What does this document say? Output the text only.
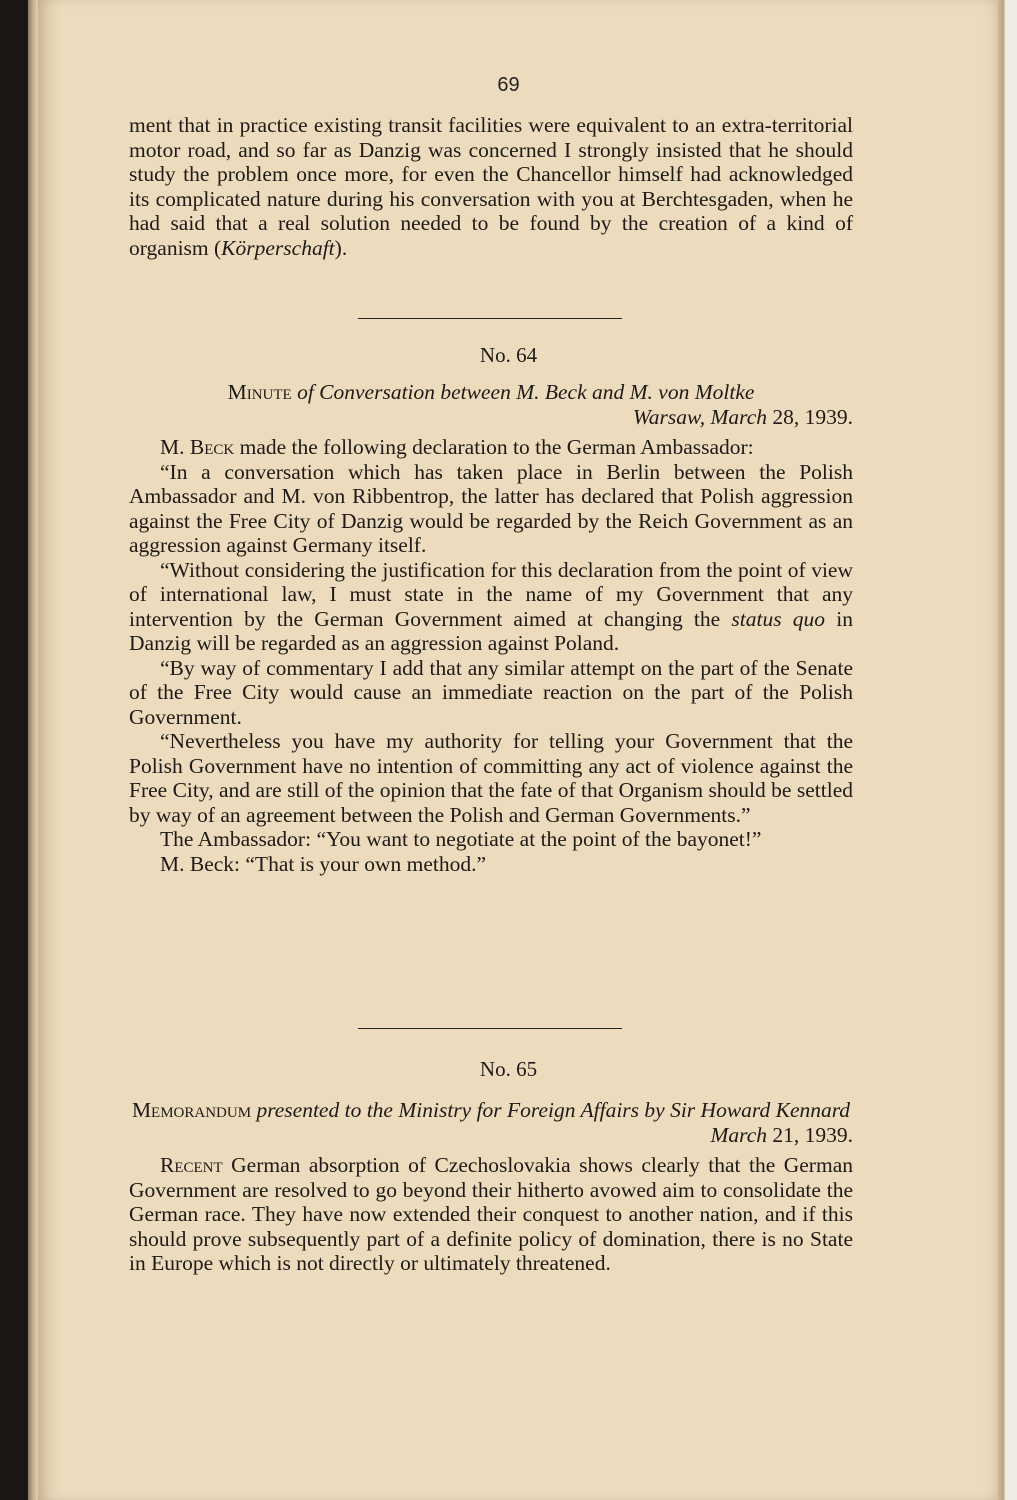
69

ment that in practice existing transit facilities were equivalent to an extra-territorial motor road, and so far as Danzig was concerned I strongly insisted that he should study the problem once more, for even the Chancellor himself had acknowledged its complicated nature during his conversation with you at Berchtesgaden, when he had said that a real solution needed to be found by the creation of a kind of organism (Körperschaft).

No. 64

Minute of Conversation between M. Beck and M. von Moltke

Warsaw, March 28, 1939.

M. Beck made the following declaration to the German Ambassador:

“In a conversation which has taken place in Berlin between the Polish Ambassador and M. von Ribbentrop, the latter has declared that Polish aggression against the Free City of Danzig would be regarded by the Reich Government as an aggression against Germany itself.

“Without considering the justification for this declaration from the point of view of international law, I must state in the name of my Government that any intervention by the German Government aimed at changing the status quo in Danzig will be regarded as an aggression against Poland.

“By way of commentary I add that any similar attempt on the part of the Senate of the Free City would cause an immediate reaction on the part of the Polish Government.

“Nevertheless you have my authority for telling your Government that the Polish Government have no intention of committing any act of violence against the Free City, and are still of the opinion that the fate of that Organism should be settled by way of an agreement between the Polish and German Governments.”

The Ambassador: “You want to negotiate at the point of the bayonet!”

M. Beck: “That is your own method.”

No. 65

Memorandum presented to the Ministry for Foreign Affairs by Sir Howard Kennard

March 21, 1939.

Recent German absorption of Czechoslovakia shows clearly that the German Government are resolved to go beyond their hitherto avowed aim to consolidate the German race. They have now extended their conquest to another nation, and if this should prove subsequently part of a definite policy of domination, there is no State in Europe which is not directly or ultimately threatened.
